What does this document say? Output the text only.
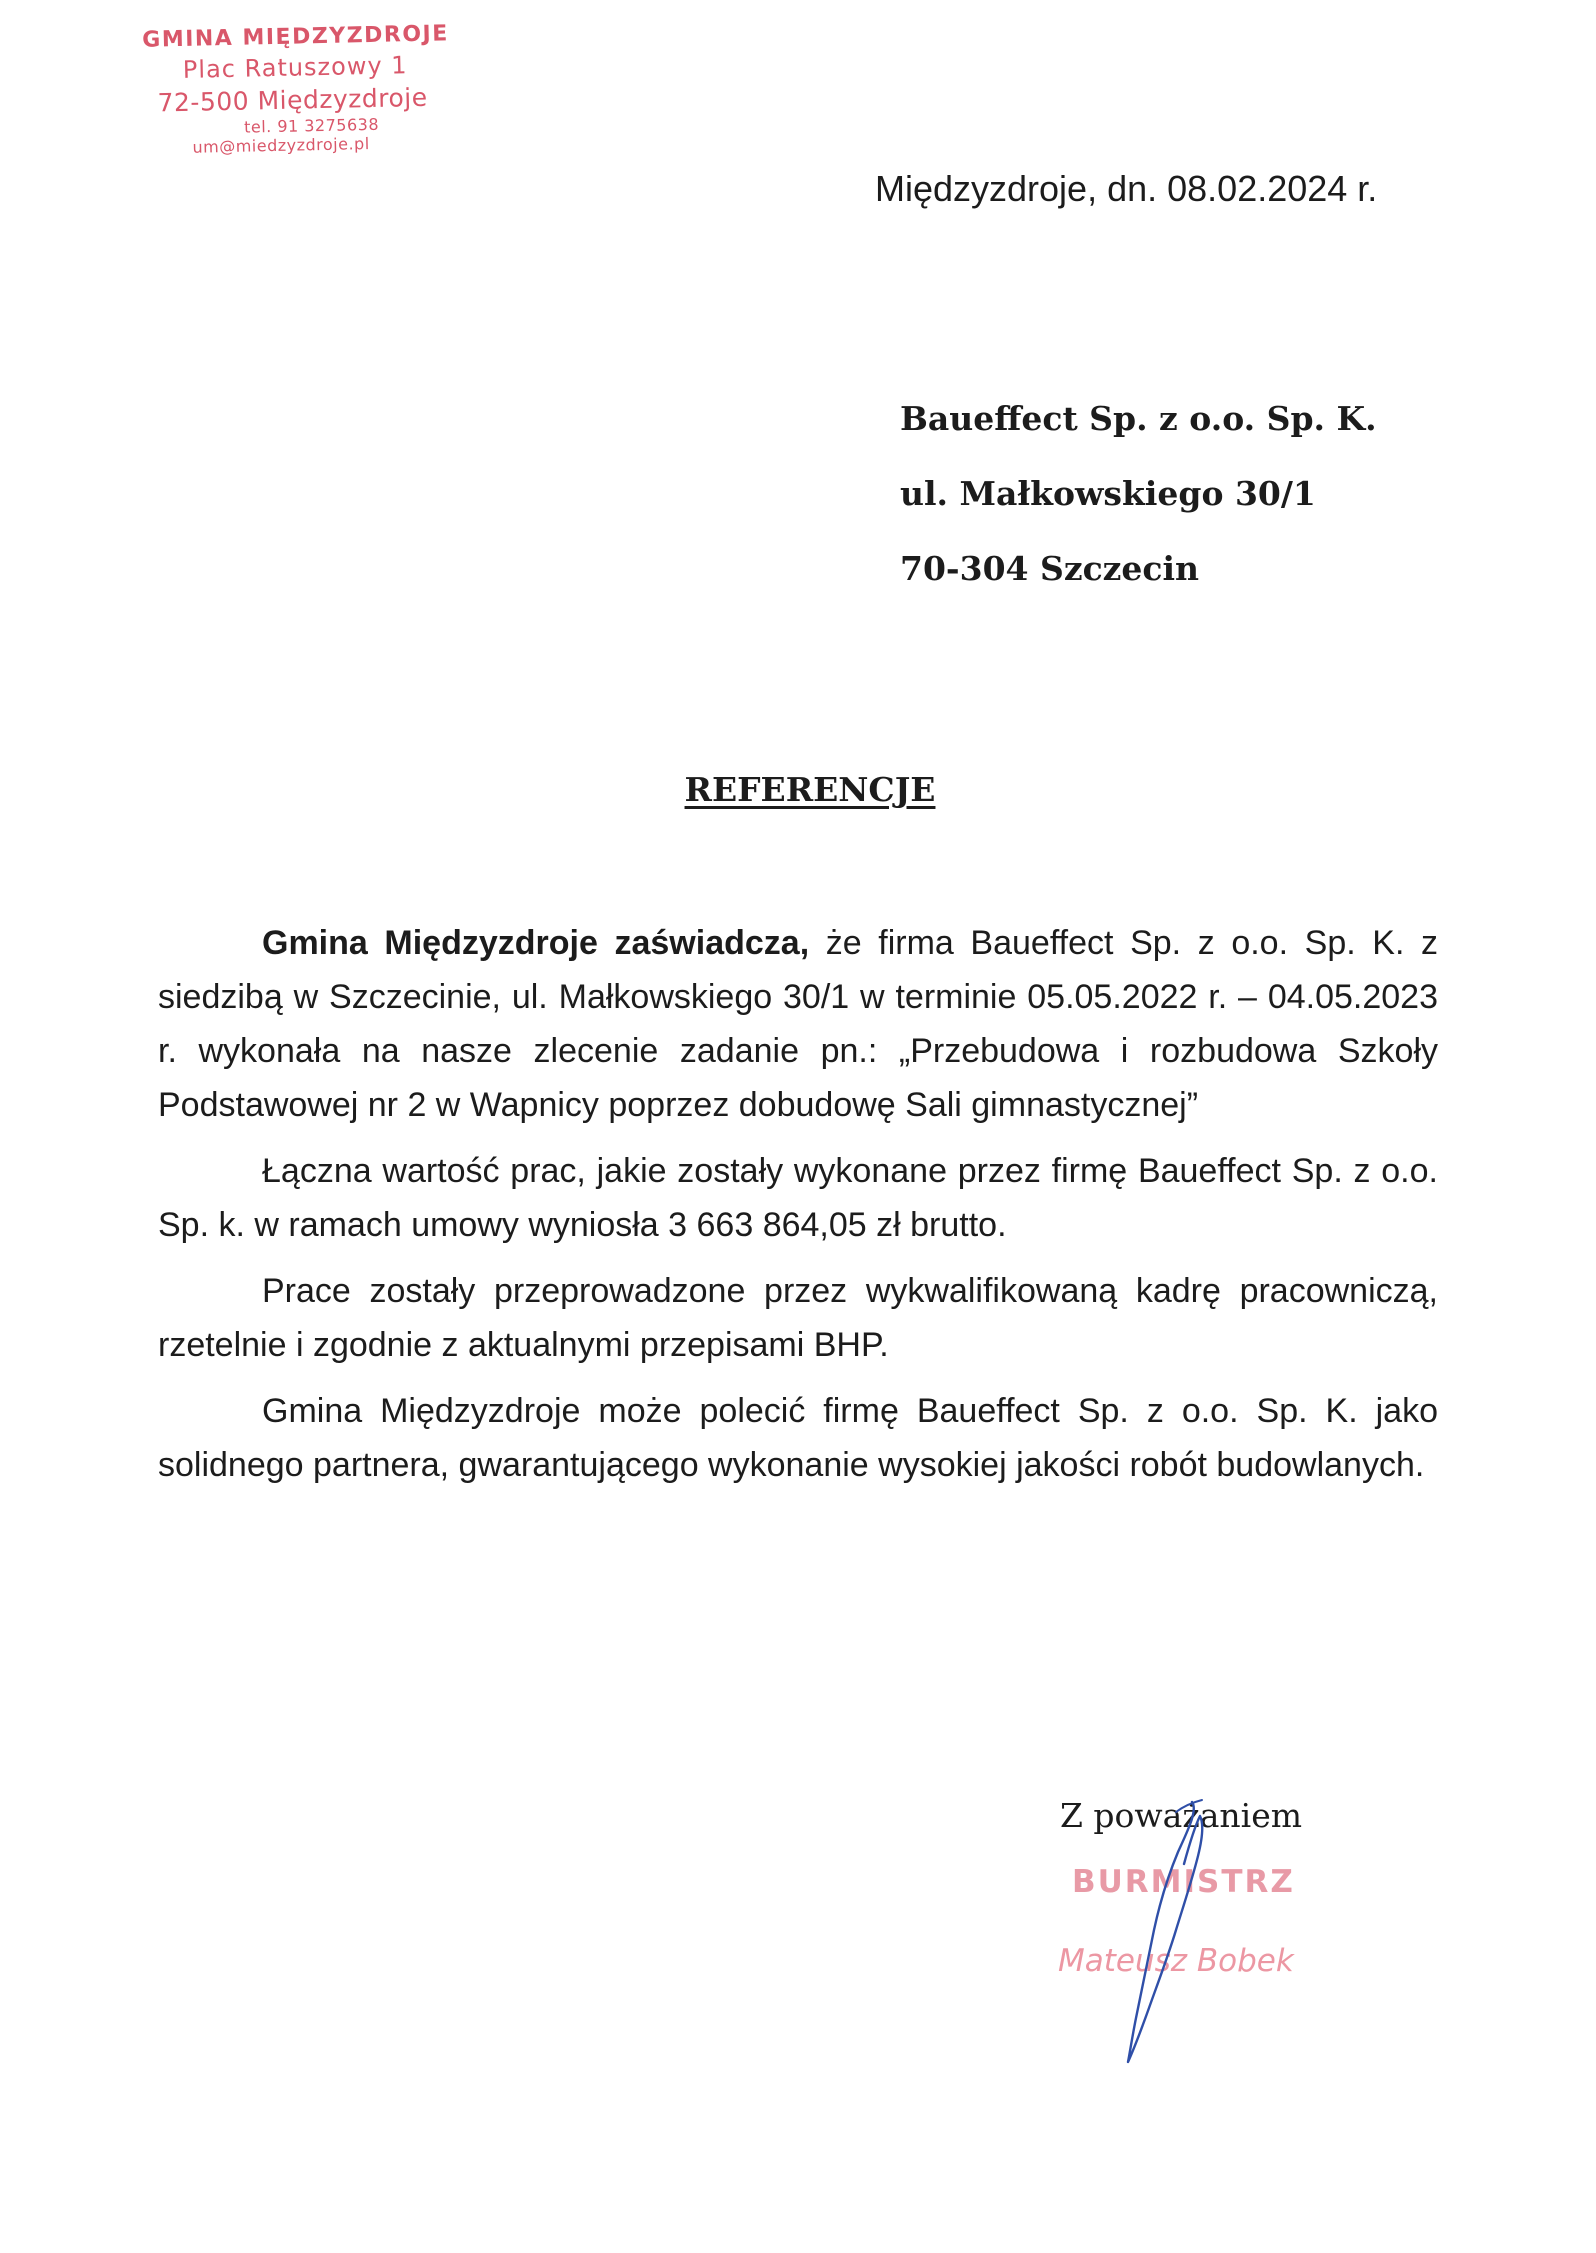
GMINA MIĘDZYZDROJE
Plac Ratuszowy 1
72-500 Międzyzdroje
tel. 91 3275638
um@miedzyzdroje.pl
Międzyzdroje, dn. 08.02.2024 r.
Baueffect Sp. z o.o. Sp. K.
ul. Małkowskiego 30/1
70-304 Szczecin
REFERENCJE

Gmina Międzyzdroje zaświadcza, że firma Baueffect Sp. z o.o. Sp. K. z siedzibą w Szczecinie, ul. Małkowskiego 30/1 w terminie 05.05.2022 r. – 04.05.2023 r. wykonała na nasze zlecenie zadanie pn.: „Przebudowa i rozbudowa Szkoły Podstawowej nr 2 w Wapnicy poprzez dobudowę Sali gimnastycznej”

Łączna wartość prac, jakie zostały wykonane przez firmę Baueffect Sp. z o.o. Sp. k. w ramach umowy wyniosła 3 663 864,05 zł brutto.

Prace zostały przeprowadzone przez wykwalifikowaną kadrę pracowniczą, rzetelnie i zgodnie z aktualnymi przepisami BHP.

Gmina Międzyzdroje może polecić firmę Baueffect Sp. z o.o. Sp. K. jako solidnego partnera, gwarantującego wykonanie wysokiej jakości robót budowlanych.

Z poważaniem
BURMISTRZ
Mateusz Bobek
